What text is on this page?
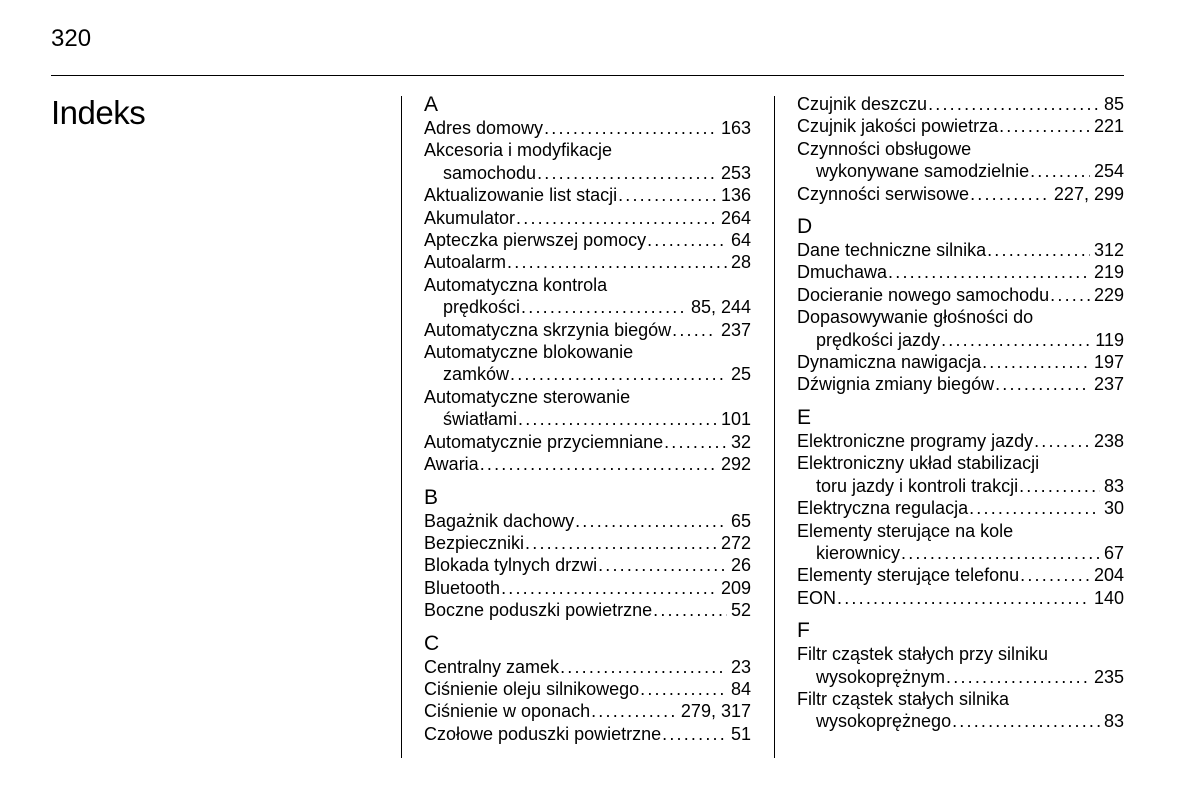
320
Indeks	A
Adres domowy . . .	163
Akcesoria i modyfikacje
samochodu . . .	253
Aktualizowanie list stacji . . .	136
Akumulator . . .	264
Apteczka pierwszej pomocy . . .	64
Autoalarm . . .	28
Automatyczna kontrola
prędkości . . .	85, 244
Automatyczna skrzynia biegów . . .	237
Automatyczne blokowanie
zamków . . .	25
Automatyczne sterowanie
światłami . . .	101
Automatycznie przyciemniane . . .	32
Awaria . . .	292
B
Bagażnik dachowy . . .	65
Bezpieczniki . . .	272
Blokada tylnych drzwi . . .	26
Bluetooth . . .	209
Boczne poduszki powietrzne . . .	52
C
Centralny zamek . . .	23
Ciśnienie oleju silnikowego . . .	84
Ciśnienie w oponach . . .	279, 317
Czołowe poduszki powietrzne . . .	51
Czujnik deszczu . . .	85
Czujnik jakości powietrza . . .	221
Czynności obsługowe
wykonywane samodzielnie . . .	254
Czynności serwisowe . . .	227, 299
D
Dane techniczne silnika . . .	312
Dmuchawa . . .	219
Docieranie nowego samochodu . . . 229
Dopasowywanie głośności do
prędkości jazdy . . .	119
Dynamiczna nawigacja . . .	197
Dźwignia zmiany biegów . . .	237
E
Elektroniczne programy jazdy . . .	238
Elektroniczny układ stabilizacji
toru jazdy i kontroli trakcji . . .	83
Elektryczna regulacja . . .	30
Elementy sterujące na kole
kierownicy . . .	67
Elementy sterujące telefonu . . .	204
EON . . .	140
F
Filtr cząstek stałych przy silniku
wysokoprężnym . . .	235
Filtr cząstek stałych silnika
wysokoprężnego . . .	83
